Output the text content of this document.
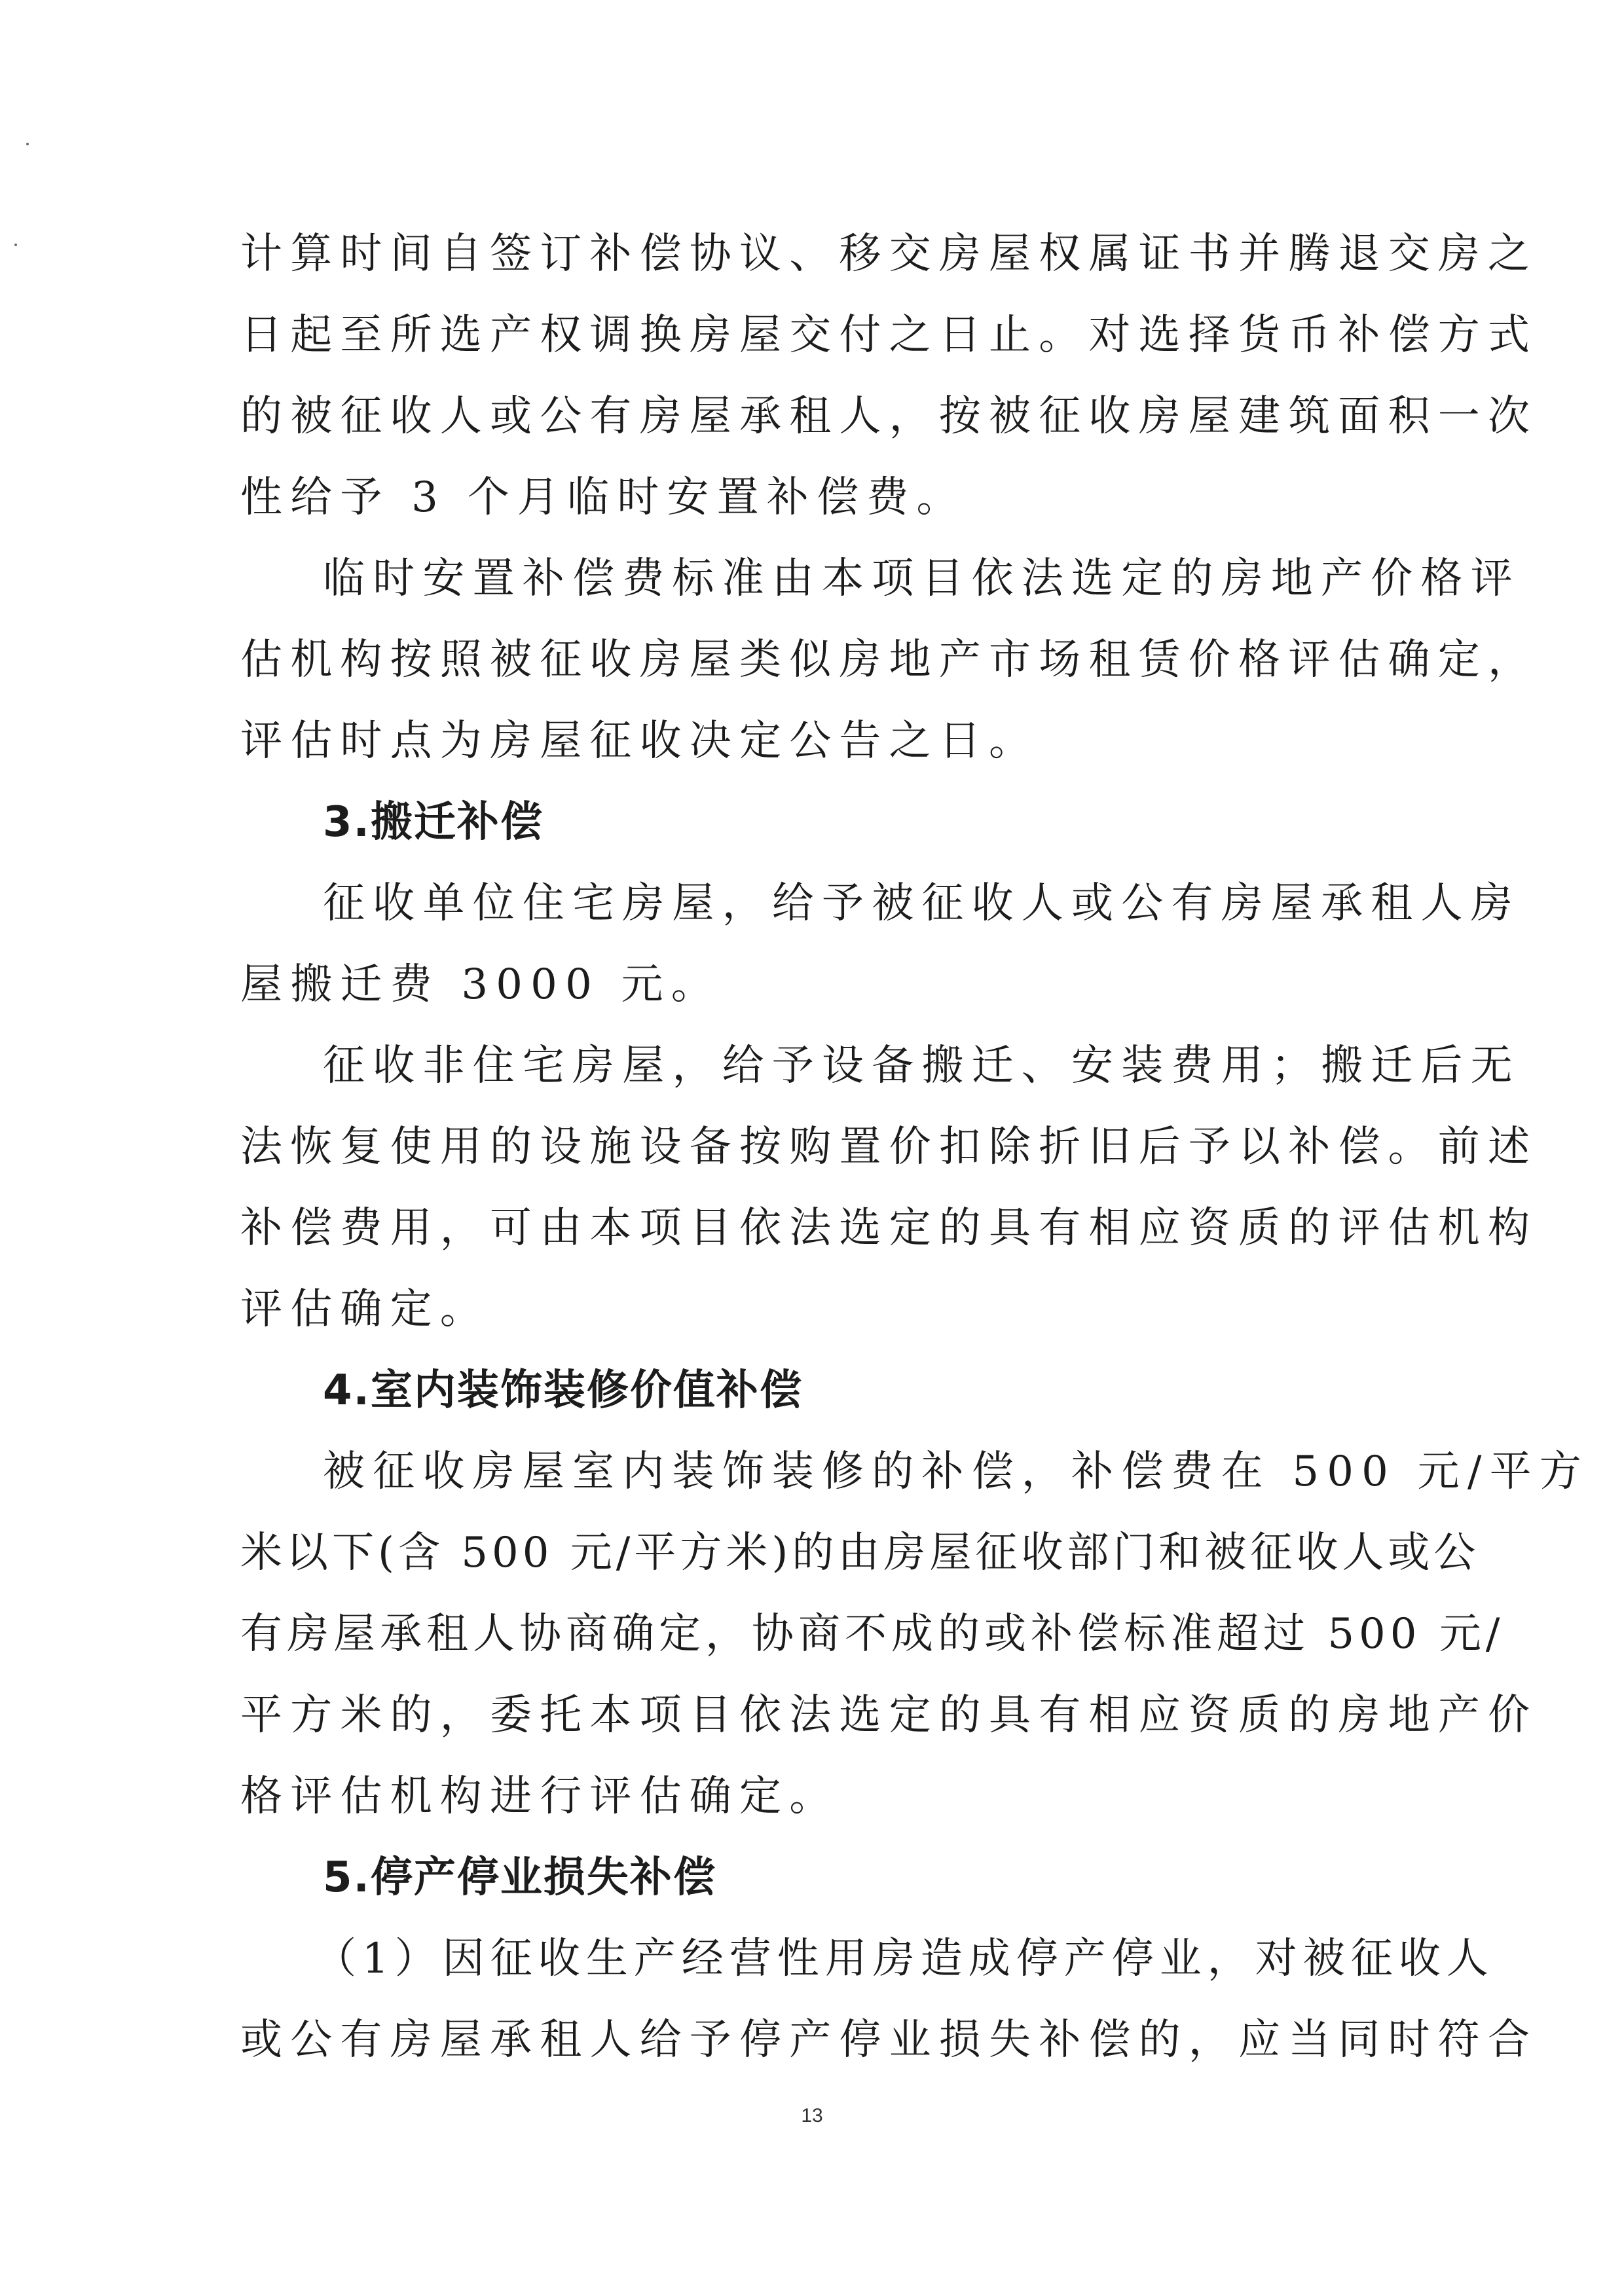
计算时间自签订补偿协议、移交房屋权属证书并腾退交房之
日起至所选产权调换房屋交付之日止。对选择货币补偿方式
的被征收人或公有房屋承租人，按被征收房屋建筑面积一次
性给予 3 个月临时安置补偿费。
临时安置补偿费标准由本项目依法选定的房地产价格评
估机构按照被征收房屋类似房地产市场租赁价格评估确定，
评估时点为房屋征收决定公告之日。
3.搬迁补偿
征收单位住宅房屋，给予被征收人或公有房屋承租人房
屋搬迁费 3000 元。
征收非住宅房屋，给予设备搬迁、安装费用；搬迁后无
法恢复使用的设施设备按购置价扣除折旧后予以补偿。前述
补偿费用，可由本项目依法选定的具有相应资质的评估机构
评估确定。
4.室内装饰装修价值补偿
被征收房屋室内装饰装修的补偿，补偿费在 500 元/平方
米以下(含 500 元/平方米)的由房屋征收部门和被征收人或公
有房屋承租人协商确定，协商不成的或补偿标准超过 500 元/
平方米的，委托本项目依法选定的具有相应资质的房地产价
格评估机构进行评估确定。
5.停产停业损失补偿
（1）因征收生产经营性用房造成停产停业，对被征收人
或公有房屋承租人给予停产停业损失补偿的，应当同时符合
13
